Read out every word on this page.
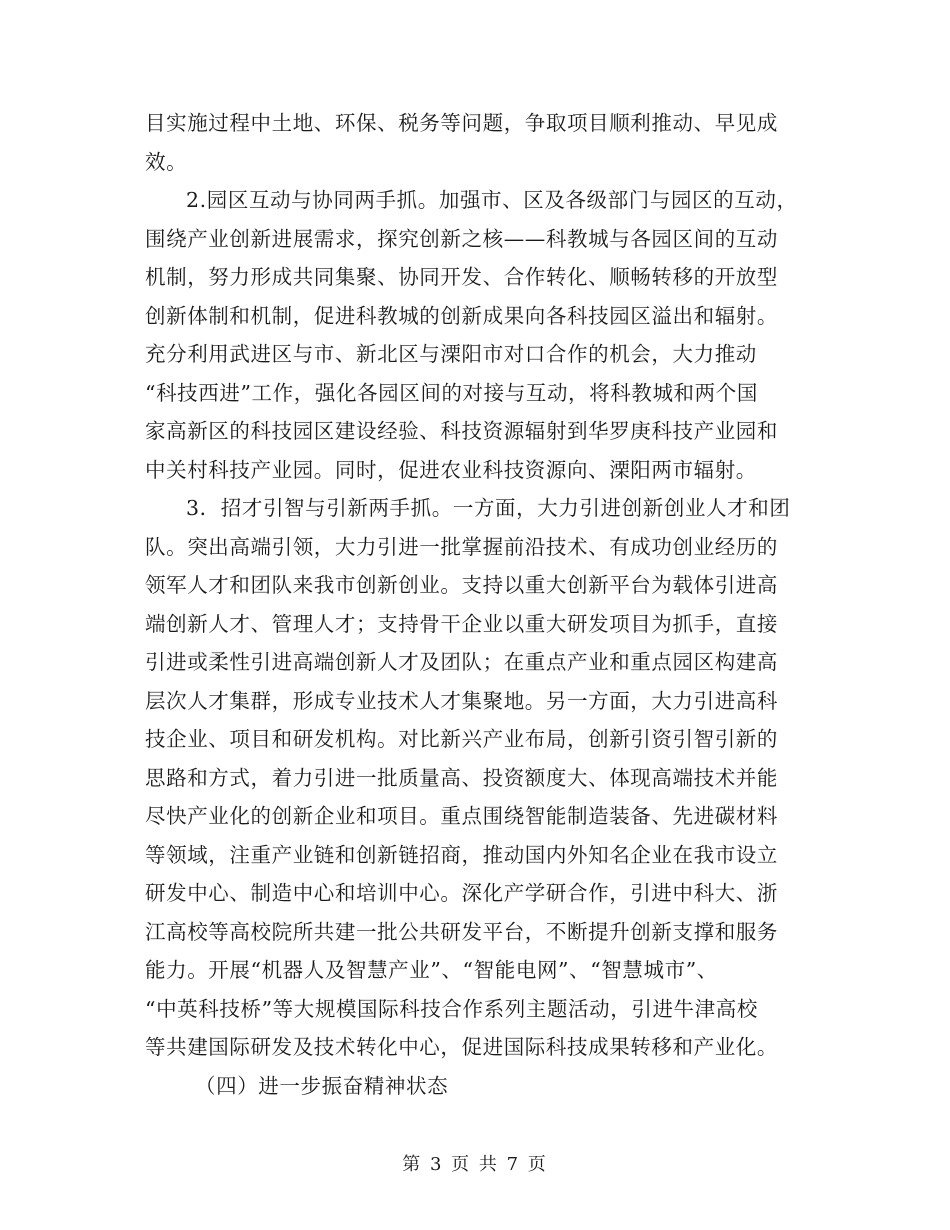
目实施过程中土地、环保、税务等问题，争取项目顺利推动、早见成
效。
2.园区互动与协同两手抓。加强市、区及各级部门与园区的互动，
围绕产业创新进展需求，探究创新之核——科教城与各园区间的互动
机制，努力形成共同集聚、协同开发、合作转化、顺畅转移的开放型
创新体制和机制，促进科教城的创新成果向各科技园区溢出和辐射。
充分利用武进区与市、新北区与溧阳市对口合作的机会，大力推动
“科技西进”工作，强化各园区间的对接与互动，将科教城和两个国
家高新区的科技园区建设经验、科技资源辐射到华罗庚科技产业园和
中关村科技产业园。同时，促进农业科技资源向、溧阳两市辐射。
3．招才引智与引新两手抓。一方面，大力引进创新创业人才和团
队。突出高端引领，大力引进一批掌握前沿技术、有成功创业经历的
领军人才和团队来我市创新创业。支持以重大创新平台为载体引进高
端创新人才、管理人才；支持骨干企业以重大研发项目为抓手，直接
引进或柔性引进高端创新人才及团队；在重点产业和重点园区构建高
层次人才集群，形成专业技术人才集聚地。另一方面，大力引进高科
技企业、项目和研发机构。对比新兴产业布局，创新引资引智引新的
思路和方式，着力引进一批质量高、投资额度大、体现高端技术并能
尽快产业化的创新企业和项目。重点围绕智能制造装备、先进碳材料
等领域，注重产业链和创新链招商，推动国内外知名企业在我市设立
研发中心、制造中心和培训中心。深化产学研合作，引进中科大、浙
江高校等高校院所共建一批公共研发平台，不断提升创新支撑和服务
能力。开展“机器人及智慧产业”、“智能电网”、“智慧城市”、
“中英科技桥”等大规模国际科技合作系列主题活动，引进牛津高校
等共建国际研发及技术转化中心，促进国际科技成果转移和产业化。
（四）进一步振奋精神状态
第 3 页 共 7 页
